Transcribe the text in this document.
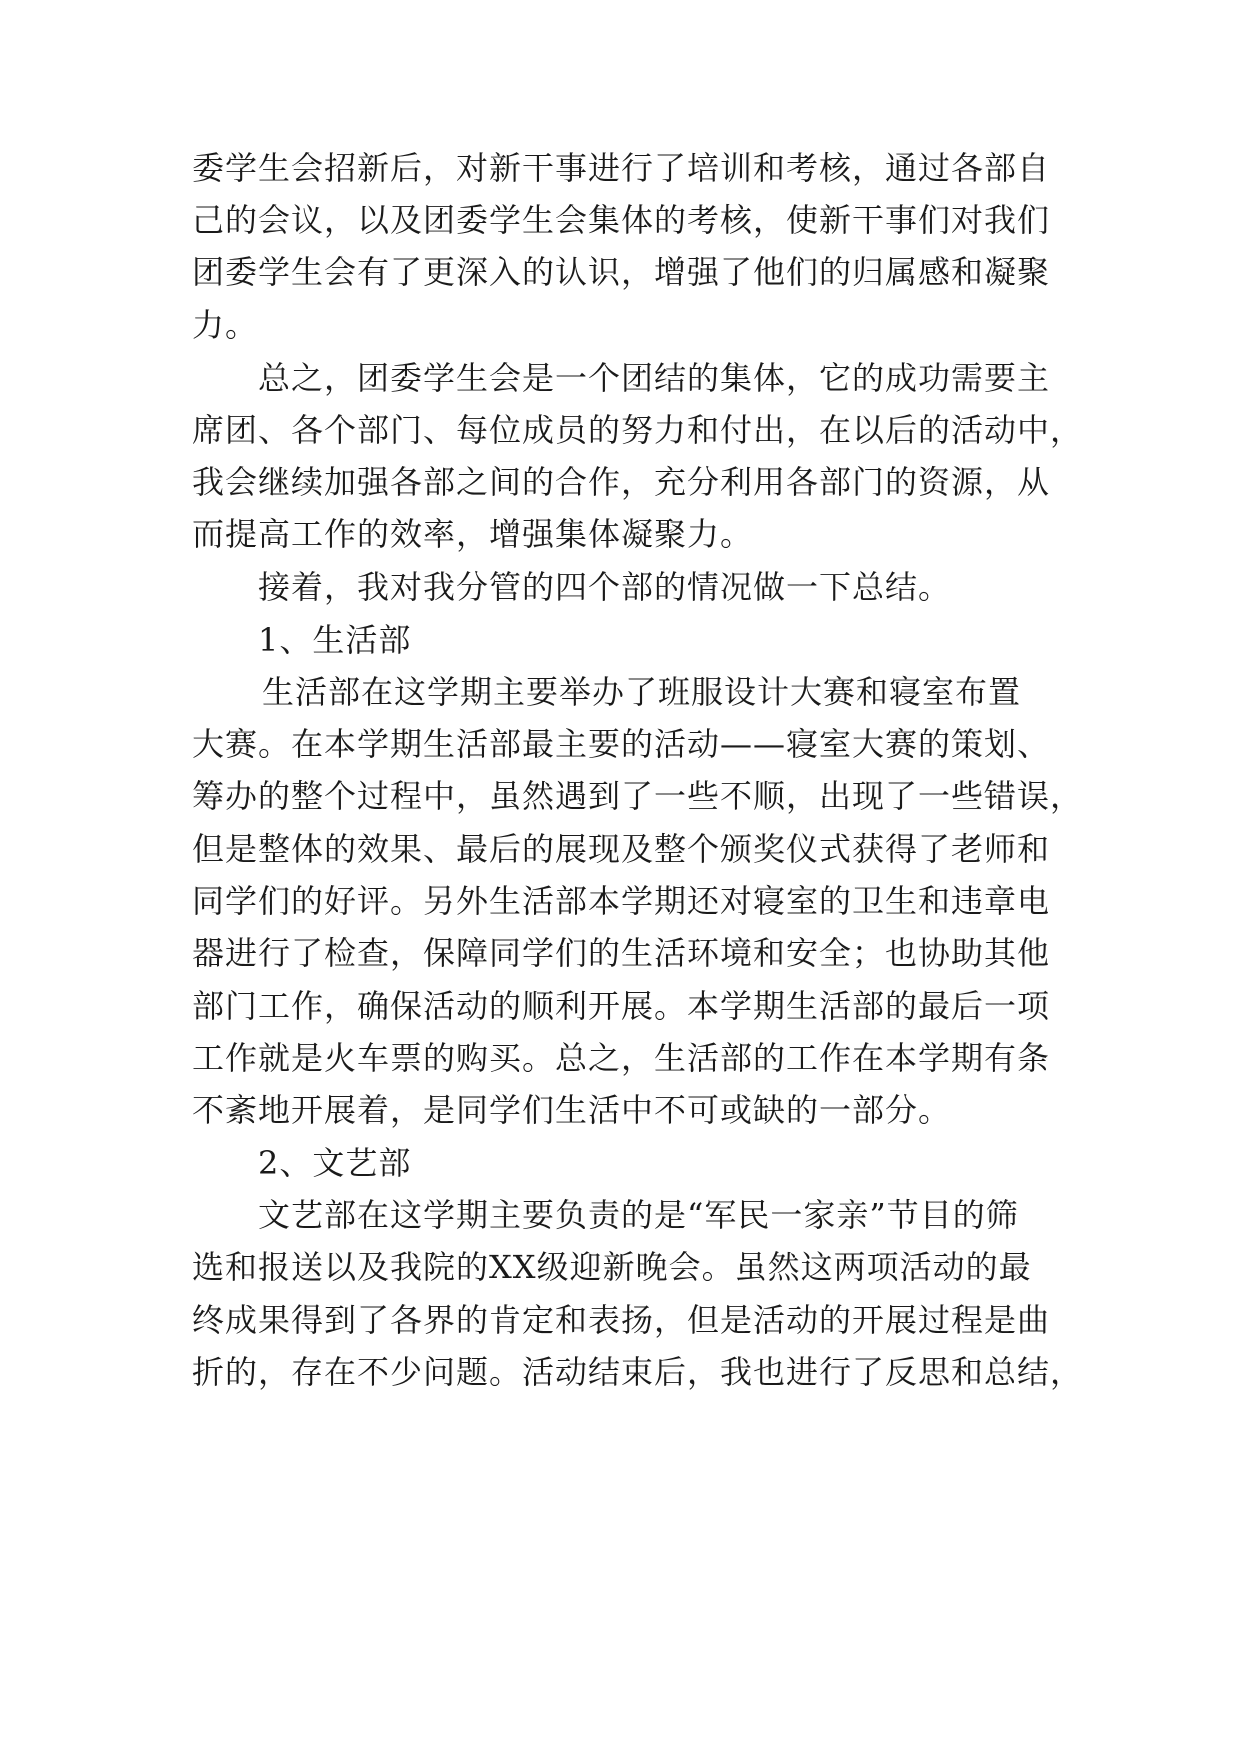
委学生会招新后，对新干事进行了培训和考核，通过各部自
己的会议，以及团委学生会集体的考核，使新干事们对我们
团委学生会有了更深入的认识，增强了他们的归属感和凝聚
力。
总之，团委学生会是一个团结的集体，它的成功需要主
席团、各个部门、每位成员的努力和付出，在以后的活动中，
我会继续加强各部之间的合作，充分利用各部门的资源，从
而提高工作的效率，增强集体凝聚力。
接着，我对我分管的四个部的情况做一下总结。
1、生活部
生活部在这学期主要举办了班服设计大赛和寝室布置
大赛。在本学期生活部最主要的活动——寝室大赛的策划、
筹办的整个过程中，虽然遇到了一些不顺，出现了一些错误，
但是整体的效果、最后的展现及整个颁奖仪式获得了老师和
同学们的好评。另外生活部本学期还对寝室的卫生和违章电
器进行了检查，保障同学们的生活环境和安全；也协助其他
部门工作，确保活动的顺利开展。本学期生活部的最后一项
工作就是火车票的购买。总之，生活部的工作在本学期有条
不紊地开展着，是同学们生活中不可或缺的一部分。
2、文艺部
文艺部在这学期主要负责的是“军民一家亲”节目的筛
选和报送以及我院的XX级迎新晚会。虽然这两项活动的最
终成果得到了各界的肯定和表扬，但是活动的开展过程是曲
折的，存在不少问题。活动结束后，我也进行了反思和总结，
